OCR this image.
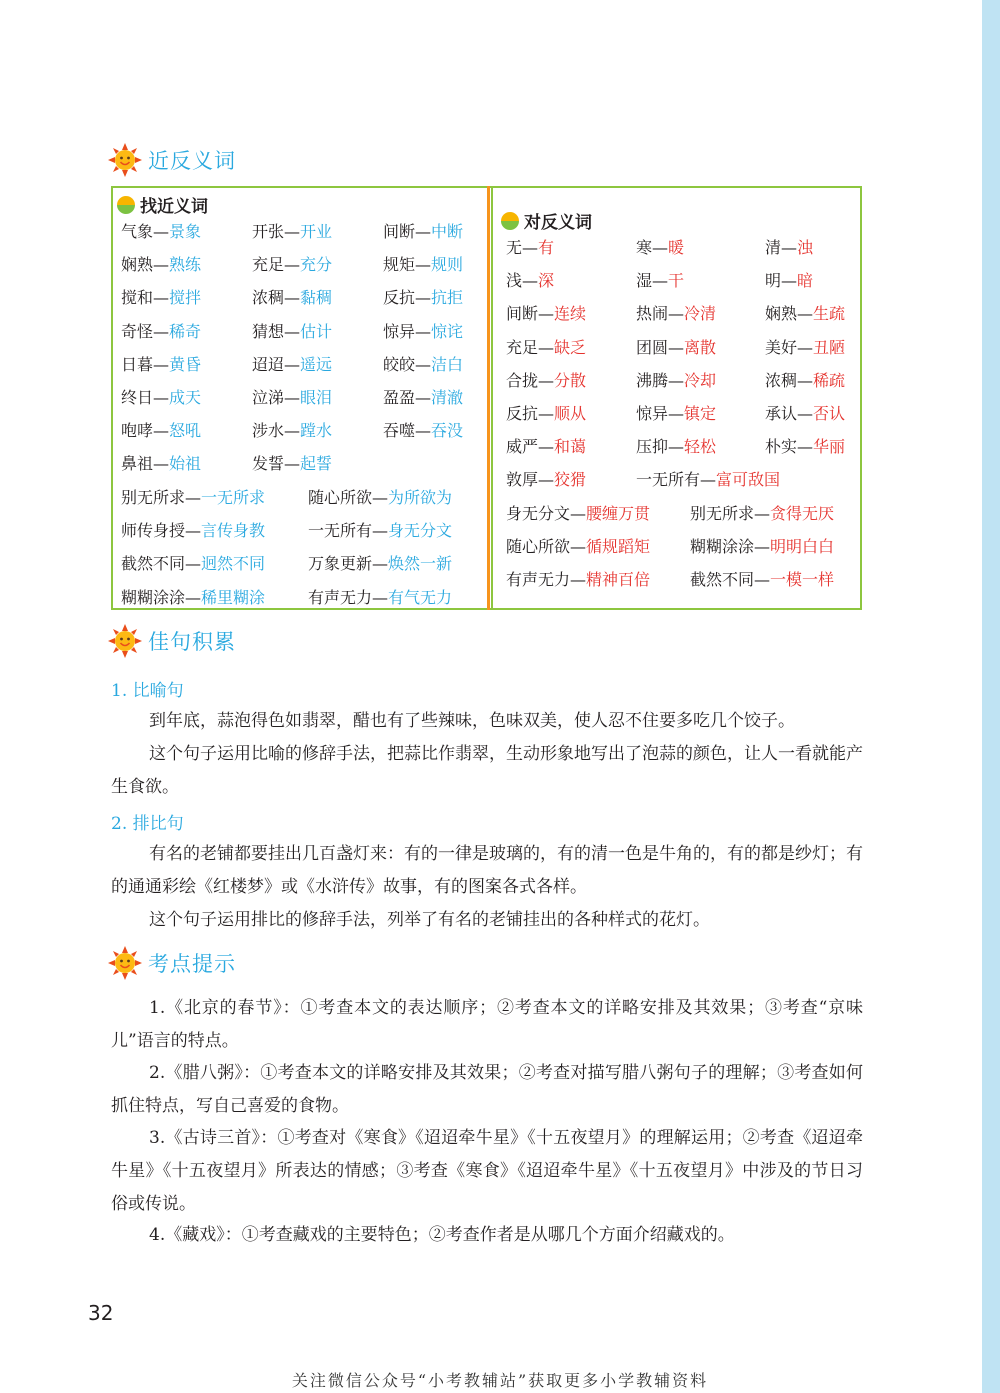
近反义词
找近义词
对反义词
气象—景象	开张—开业	间断—中断
娴熟—熟练	充足—充分	规矩—规则
搅和—搅拌	浓稠—黏稠	反抗—抗拒
奇怪—稀奇	猜想—估计	惊异—惊诧
日暮—黄昏	迢迢—遥远	皎皎—洁白
终日—成天	泣涕—眼泪	盈盈—清澈
咆哮—怒吼	涉水—蹚水	吞噬—吞没
鼻祖—始祖	发誓—起誓
别无所求—一无所求	随心所欲—为所欲为
师传身授—言传身教	一无所有—身无分文
截然不同—迥然不同	万象更新—焕然一新
糊糊涂涂—稀里糊涂	有声无力—有气无力
无—有	寒—暖	清—浊
浅—深	湿—干	明—暗
间断—连续	热闹—冷清	娴熟—生疏
充足—缺乏	团圆—离散	美好—丑陋
合拢—分散	沸腾—冷却	浓稠—稀疏
反抗—顺从	惊异—镇定	承认—否认
威严—和蔼	压抑—轻松	朴实—华丽
敦厚—狡猾	一无所有—富可敌国
身无分文—腰缠万贯 别无所求—贪得无厌
随心所欲—循规蹈矩 糊糊涂涂—明明白白
有声无力—精神百倍 截然不同—一模一样
佳句积累
1. 比喻句

到年底，蒜泡得色如翡翠，醋也有了些辣味，色味双美，使人忍不住要多吃几个饺子。

这个句子运用比喻的修辞手法，把蒜比作翡翠，生动形象地写出了泡蒜的颜色，让人一看就能产生食欲。

2. 排比句

有名的老铺都要挂出几百盏灯来：有的一律是玻璃的，有的清一色是牛角的，有的都是纱灯；有的通通彩绘《红楼梦》或《水浒传》故事，有的图案各式各样。

这个句子运用排比的修辞手法，列举了有名的老铺挂出的各种样式的花灯。

考点提示

1.《北京的春节》：①考查本文的表达顺序；②考查本文的详略安排及其效果；③考查“京味儿”语言的特点。

2.《腊八粥》：①考查本文的详略安排及其效果；②考查对描写腊八粥句子的理解；③考查如何抓住特点，写自己喜爱的食物。

3.《古诗三首》：①考查对《寒食》《迢迢牵牛星》《十五夜望月》的理解运用；②考查《迢迢牵牛星》《十五夜望月》所表达的情感；③考查《寒食》《迢迢牵牛星》《十五夜望月》中涉及的节日习俗或传说。

4.《藏戏》：①考查藏戏的主要特色；②考查作者是从哪几个方面介绍藏戏的。

32
关注微信公众号“小考教辅站”获取更多小学教辅资料
